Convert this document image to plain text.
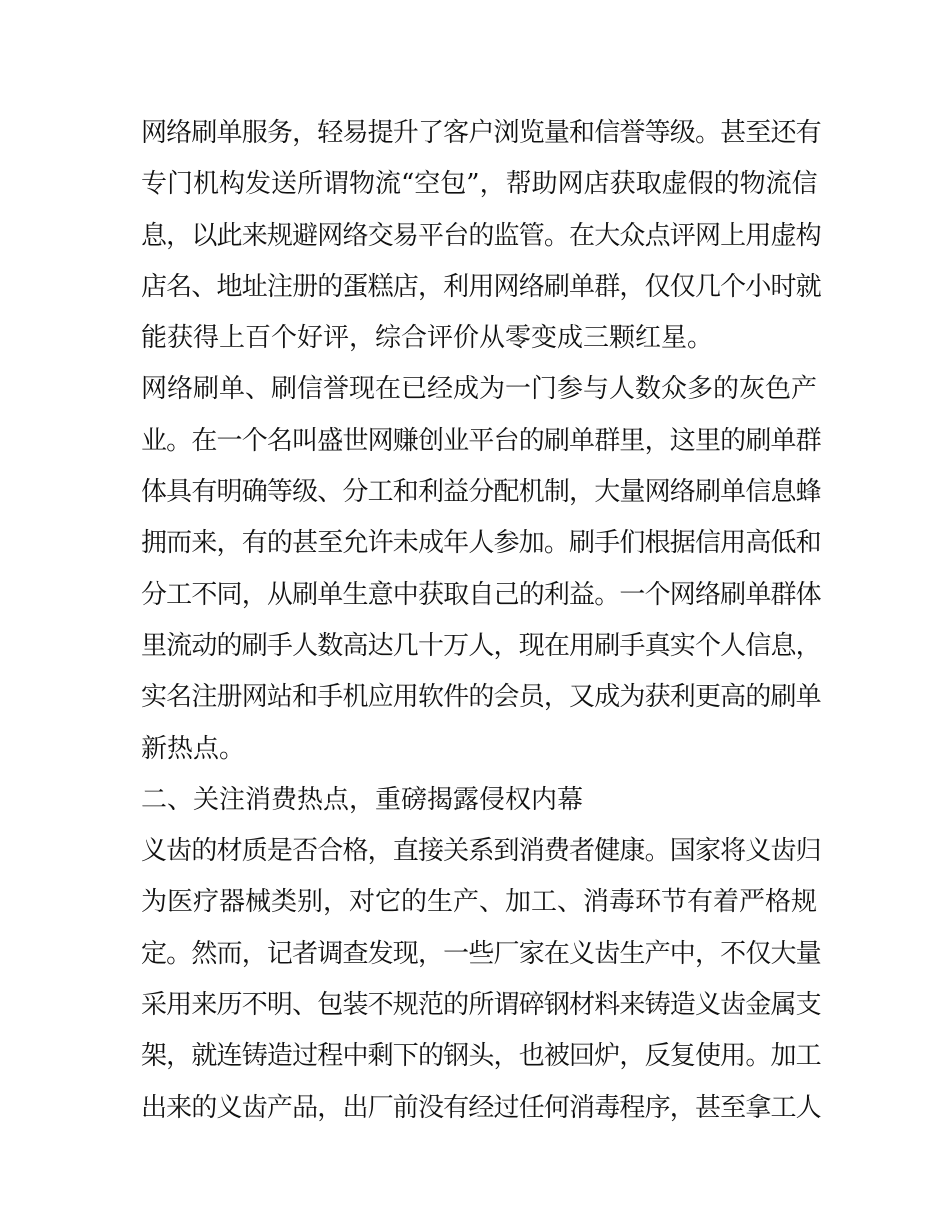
网络刷单服务，轻易提升了客户浏览量和信誉等级。甚至还有
专门机构发送所谓物流“空包”，帮助网店获取虚假的物流信
息，以此来规避网络交易平台的监管。在大众点评网上用虚构
店名、地址注册的蛋糕店，利用网络刷单群，仅仅几个小时就
能获得上百个好评，综合评价从零变成三颗红星。
网络刷单、刷信誉现在已经成为一门参与人数众多的灰色产
业。在一个名叫盛世网赚创业平台的刷单群里，这里的刷单群
体具有明确等级、分工和利益分配机制，大量网络刷单信息蜂
拥而来，有的甚至允许未成年人参加。刷手们根据信用高低和
分工不同，从刷单生意中获取自己的利益。一个网络刷单群体
里流动的刷手人数高达几十万人，现在用刷手真实个人信息，
实名注册网站和手机应用软件的会员，又成为获利更高的刷单
新热点。
二、关注消费热点，重磅揭露侵权内幕
义齿的材质是否合格，直接关系到消费者健康。国家将义齿归
为医疗器械类别，对它的生产、加工、消毒环节有着严格规
定。然而，记者调查发现，一些厂家在义齿生产中，不仅大量
采用来历不明、包装不规范的所谓碎钢材料来铸造义齿金属支
架，就连铸造过程中剩下的钢头，也被回炉，反复使用。加工
出来的义齿产品，出厂前没有经过任何消毒程序，甚至拿工人
